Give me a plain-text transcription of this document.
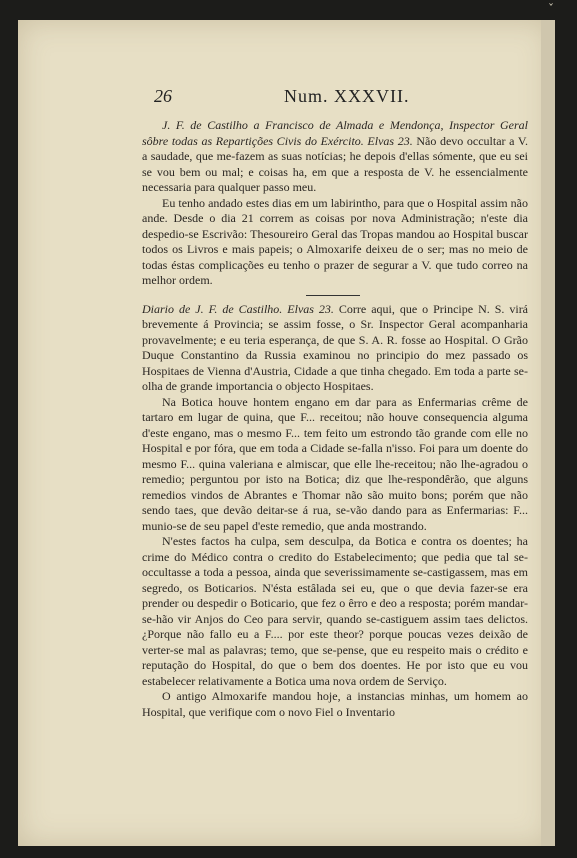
ˇ
26	Num. XXXVII.

J. F. de Castilho a Francisco de Almada e Mendonça, Inspector Geral sôbre todas as Repartições Civis do Exército. Elvas 23. Não devo occultar a V. a saudade, que me-fazem as suas notícias; he depois d'ellas sómente, que eu sei se vou bem ou mal; e coisas ha, em que a resposta de V. he essencialmente necessaria para qualquer passo meu.

Eu tenho andado estes dias em um labirintho, para que o Hospital assim não ande. Desde o dia 21 correm as coisas por nova Administração; n'este dia despedio-se Escrivão: Thesoureiro Geral das Tropas mandou ao Hospital buscar todos os Livros e mais papeis; o Almoxarife deixeu de o ser; mas no meio de todas éstas complicações eu tenho o prazer de segurar a V. que tudo correo na melhor ordem.

Diario de J. F. de Castilho. Elvas 23. Corre aqui, que o Principe N. S. virá brevemente á Provincia; se assim fosse, o Sr. Inspector Geral acompanharia provavelmente; e eu teria esperança, de que S. A. R. fosse ao Hospital. O Grão Duque Constantino da Russia examinou no principio do mez passado os Hospitaes de Vienna d'Austria, Cidade a que tinha chegado. Em toda a parte se-olha de grande importancia o objecto Hospitaes.

Na Botica houve hontem engano em dar para as Enfermarias crême de tartaro em lugar de quina, que F... receitou; não houve consequencia alguma d'este engano, mas o mesmo F... tem feito um estrondo tão grande com elle no Hospital e por fóra, que em toda a Cidade se-falla n'isso. Foi para um doente do mesmo F... quina valeriana e almiscar, que elle lhe-receitou; não lhe-agradou o remedio; perguntou por isto na Botica; diz que lhe-respondêrão, que alguns remedios vindos de Abrantes e Thomar não são muito bons; porém que não sendo taes, que devão deitar-se á rua, se-vão dando para as Enfermarias: F... munio-se de seu papel d'este remedio, que anda mostrando.

N'estes factos ha culpa, sem desculpa, da Botica e contra os doentes; ha crime do Médico contra o credito do Estabelecimento; que pedia que tal se-occultasse a toda a pessoa, ainda que severissimamente se-castigassem, mas em segredo, os Boticarios. N'ésta estâlada sei eu, que o que devia fazer-se era prender ou despedir o Boticario, que fez o êrro e deo a resposta; porém mandar-se-hão vir Anjos do Ceo para servir, quando se-castiguem assim taes delictos. ¿Porque não fallo eu a F.... por este theor? porque poucas vezes deixão de verter-se mal as palavras; temo, que se-pense, que eu respeito mais o crédito e reputação do Hospital, do que o bem dos doentes. He por isto que eu vou estabelecer relativamente a Botica uma nova ordem de Serviço.

O antigo Almoxarife mandou hoje, a instancias minhas, um homem ao Hospital, que verifique com o novo Fiel o Inventario
